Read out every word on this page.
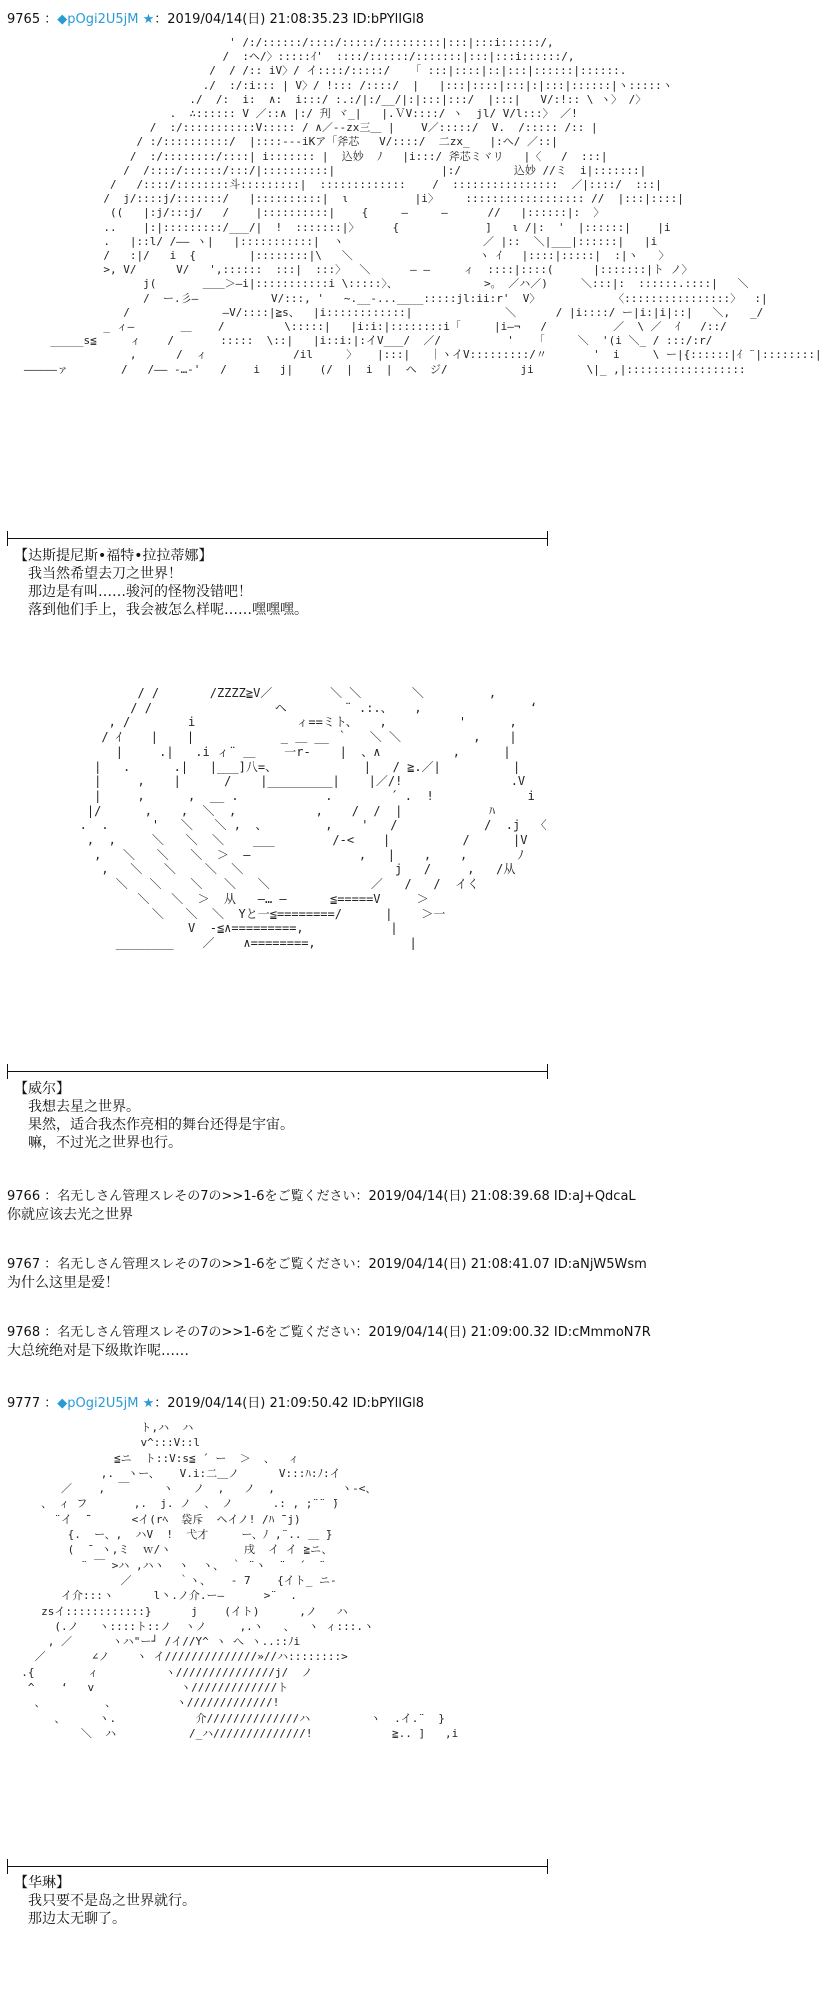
9765 ：◆pOgi2U5jM ★：2019/04/14(日) 21:08:35.23 ID:bPYlIGl8
' /:/::::::/::::/:::::/:::::::::|:::|:::i::::::/,
/  :ヘ/〉:::::ｲ'  ::::/::::::/:::::::|:::|:::i::::::/,
/  / /:: iV〉/ イ::::/:::::/   「 :::|::::|::|:::|::::::|::::::.
./  :/:i::: | V〉/ !::: /::::/  |   |:::|::::|:::|:|:::|::::::|ヽ:::::ヽ
./  /:  i:  ∧:  i:::/ :.:/|:/__/|:|:::|:::/  |:::|   V/:!:: \ ヽ〉 /〉
.  ∴:::::: V ／::∧ |:/ 刋 ヾ_|   |.ＶV::::/ ヽ  jl/ V/l:::〉 ／!
/  :/:::::::::::V::::: / ∧／--zx三＿ |    V／:::::/  V.  /::::: /:: |
/ :/::::::::::/  |::::---iKア「斧芯   V/::::/  二zx_   |:ヘ/ ／::|
/  :/::::::::/::::| i::::::: |  込妙  ﾉ   |i:::/ 斧芯ミヾリ   |〈   /  :::|
/  /::::/::::::/:::/|::::::::::|                |:/        込妙 //ミ  i|:::::::|
/   /::::/::::::::斗:::::::::|  :::::::::::::    /  ::::::::::::::::  ／|::::/  :::|
/  j/::::j/:::::::/   |::::::::::|  ι          |i〉    :::::::::::::::::: //  |:::|::::|
((   |:j/:::j/   /    |::::::::::|    {     ―     ―      //   |::::::|:  〉
..    |:|:::::::::/___/|  !  :::::::|〉     {             ]   ι /|:  '  |::::::|    |i
.   |::l/ /―― ヽ|   |:::::::::::|  ヽ                     ／ |::  ＼|___|::::::|   |i
/   :|/   i  {        |::::::::|\   ＼                   ヽ ｲ   |::::|:::::|  :|ヽ   〉
>, V/      V/   ',::::::  :::|  :::〉  ＼      ― ―     ィ  ::::|::::(      |:::::::|ト ノ〉
j(       ＿＿＞―i|:::::::::::i \:::::〉、             >。 ／ハ／)     ＼:::|:  ::::::.::::|   ＼
/  ー.彡―           V/:::, '   ~.__-...____:::::jl:ii:r'  V〉           〈::::::::::::::::〉  :|
/              ―V/::::|≧s、  |i::::::::::::|              ＼      / |i::::/ ー|i:|i|::|   ＼,   _/
_ ィ―       ＿    /         \:::::|   |i:i:|::::::::i「     |i―¬   /          ／  \ ／  ｲ   /::/
_____s≦     ィ    /       :::::  \::|   |i::i:|:イV___/  ／/          '   「     ＼  '(i ＼_ / :::/:r/
,      /  ィ             /il     〉   |:::|   ｜ヽイV:::::::::/〃       '  i     \ ー|{::::::|ｲ ¨|::::::::|
―――――ァ        /   /―― -…‐'   /    i   j|    (/  |  i  |  ヘ  ジ/           ji        \|_ ,|::::::::::::::::::
【达斯提尼斯•福特•拉拉蒂娜】
我当然希望去刀之世界！
那边是有叫……骏河的怪物没错吧！
落到他们手上，我会被怎么样呢……嘿嘿嘿。
/ /       /ZZZZ≧V／        ＼ ＼       ＼         ,
/ /                 ヘ        ¨ .:.、   ,               ‘
, /        i              ィ==ミト、   ,          '      ,
/ ｲ    |    |            _ ＿ __ ｀   ＼ ＼          ,    |
|     .|   .i ィ¨ ＿    一r-    |  、∧          ,      |
|   .      .|   |___]八=、            |   / ≧.／|          |
|     ,    |      /    |_________|    |／/!               .V
|     ,      ,  __ .            .        ´ .  !             i
|/      ,    ,  ＼  ,           ,    /  /  |            ﾊ
.  .      '   ＼   ＼ ,  、        ,    '   /            /  .j  〈
,  ,     ＼   ＼  ＼    ___        /-<    |          /      |V
,   ＼   ＼   ＼  ＞  ―               ,   |    ,    ,       ﾉ
,   ＼   ＼    ＼  ＼                     j   /     ,   /从
＼   ＼    ＼   ＼   ＼              ／   /   /  イく
＼   ＼  ＞  从   ―… ―      ≦=====V     ＞
＼   ＼  ＼  Yと一≦========/      |    ＞一
V  ‐≦∧=========,            |
________    ／    ∧========,             |
【威尔】
我想去星之世界。
果然，适合我杰作亮相的舞台还得是宇宙。
嘛，不过光之世界也行。
9766 ：名无しさん管理スレその7の>>1-6をご覧ください：2019/04/14(日) 21:08:39.68 ID:aJ+QdcaL
你就应该去光之世界
9767 ：名无しさん管理スレその7の>>1-6をご覧ください：2019/04/14(日) 21:08:41.07 ID:aNjW5Wsm
为什么这里是爱！
9768 ：名无しさん管理スレその7の>>1-6をご覧ください：2019/04/14(日) 21:09:00.32 ID:cMmmoN7R
大总统绝对是下级欺诈呢……
9777 ：◆pOgi2U5jM ★：2019/04/14(日) 21:09:50.42 ID:bPYlIGl8
ト,ハ  ハ
v^:::V::l
≦ニ  ト::V:s≦ ´ ー  ＞  、  ィ
,.  ヽー、   V.i:二＿ノ      V:::ﾊ:ﾉ:イ
／    ,  ￣     ヽ   ノ  ,   ノ  ,          ヽ-<、
、 ィ フ       ,.  j. ノ  、 ノ      .: , ;¨¨ ̄)
¨イ  ̄¨      <イ(rﾍ  袋斥  ヘイノ! /ﾊ ̄¨j)
{.  ー、,  ハV  !  弋才     ー、ﾉ ,¨.. ＿ ̄}
(  ̄  ヽ,ミ  ｗ/ヽ           戌  イ イ ≧ニ、
¨ ￣ >ハ ,ハヽ  ヽ  ヽ、 ｀ ¨ヽ  ¨  ´  ¨
／       ｀ヽ、   ‐ 7    {イト_ ニ-
イ介:::ヽ      l丶.ノ介.ー―      >¨  .
zsイ::::::::::::}      j    (イト)      ,ノ   ハ
(.ノ   ヽ::::ト::ノ  ヽノ     ,.ヽ   、  ヽ ィ:::.ヽ
, ／      ヽハ"ー┘ /イ//Y^ ヽ へ ヽ..::ﾉi
／       ∠ノ    ヽ イ//////////////»//ハ::::::::>
.{        ィ          ヽ///////////////j/  ノ
^    ‘   v             ヽ/////////////ト
、         、         ヽ/////////////!
、     ヽ.            介//////////////ハ         ヽ  .イ.¨  }
＼  ハ           /_ハ//////////////!            ≧.. ]   ,i
【华琳】
我只要不是岛之世界就行。
那边太无聊了。
